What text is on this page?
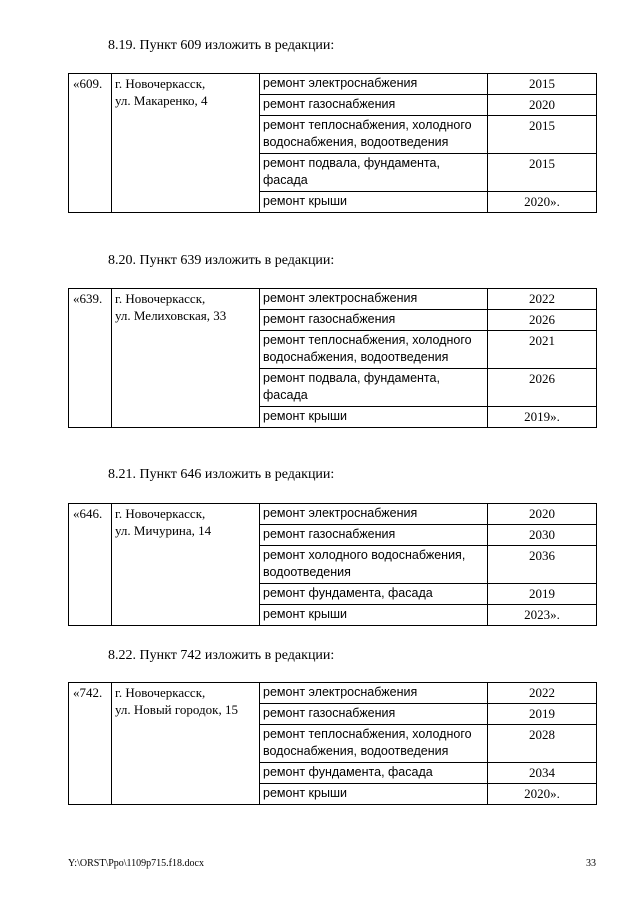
8.19. Пункт 609 изложить в редакции:
«609.	г. Новочеркасск,
ул. Макаренко, 4	ремонт электроснабжения	2015
		ремонт газоснабжения	2020
		ремонт теплоснабжения, холодного водоснабжения, водоотведения	2015
		ремонт подвала, фундамента, фасада	2015
		ремонт крыши	2020».
8.20. Пункт 639 изложить в редакции:
«639.	г. Новочеркасск,
ул. Мелиховская, 33	ремонт электроснабжения	2022
		ремонт газоснабжения	2026
		ремонт теплоснабжения, холодного водоснабжения, водоотведения	2021
		ремонт подвала, фундамента, фасада	2026
		ремонт крыши	2019».
8.21. Пункт 646 изложить в редакции:
«646.	г. Новочеркасск,
ул. Мичурина, 14	ремонт электроснабжения	2020
		ремонт газоснабжения	2030
		ремонт холодного водоснабжения, водоотведения	2036
		ремонт фундамента, фасада	2019
		ремонт крыши	2023».
8.22. Пункт 742 изложить в редакции:
«742.	г. Новочеркасск,
ул. Новый городок, 15	ремонт электроснабжения	2022
		ремонт газоснабжения	2019
		ремонт теплоснабжения, холодного водоснабжения, водоотведения	2028
		ремонт фундамента, фасада	2034
		ремонт крыши	2020».
Y:\ORST\Ppo\1109p715.f18.docx	33
